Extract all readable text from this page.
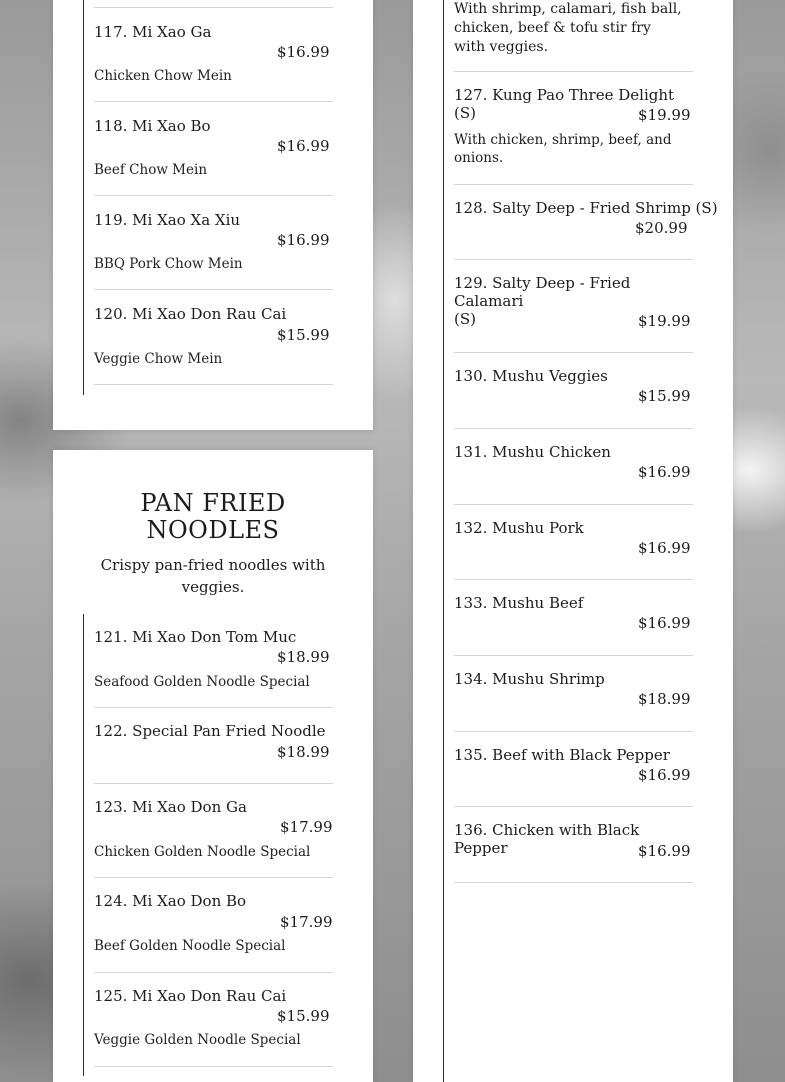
117. Mi Xao Ga
$16.99
Chicken Chow Mein
118. Mi Xao Bo
$16.99
Beef Chow Mein
119. Mi Xao Xa Xiu
$16.99
BBQ Pork Chow Mein
120. Mi Xao Don Rau Cai
$15.99
Veggie Chow Mein
PAN FRIED
NOODLES
Crispy pan-fried noodles with
veggies.
121. Mi Xao Don Tom Muc
$18.99
Seafood Golden Noodle Special
122. Special Pan Fried Noodle
$18.99
123. Mi Xao Don Ga
$17.99
Chicken Golden Noodle Special
124. Mi Xao Don Bo
$17.99
Beef Golden Noodle Special
125. Mi Xao Don Rau Cai
$15.99
Veggie Golden Noodle Special
With shrimp, calamari, fish ball,
chicken, beef & tofu stir fry
with veggies.
127. Kung Pao Three Delight (S)	$19.99
With chicken, shrimp, beef, and
onions.
128. Salty Deep - Fried Shrimp (S)
$20.99
129. Salty Deep - Fried Calamari
(S)	$19.99
130. Mushu Veggies
$15.99
131. Mushu Chicken
$16.99
132. Mushu Pork
$16.99
133. Mushu Beef
$16.99
134. Mushu Shrimp
$18.99
135. Beef with Black Pepper
$16.99
136. Chicken with Black Pepper	$16.99
